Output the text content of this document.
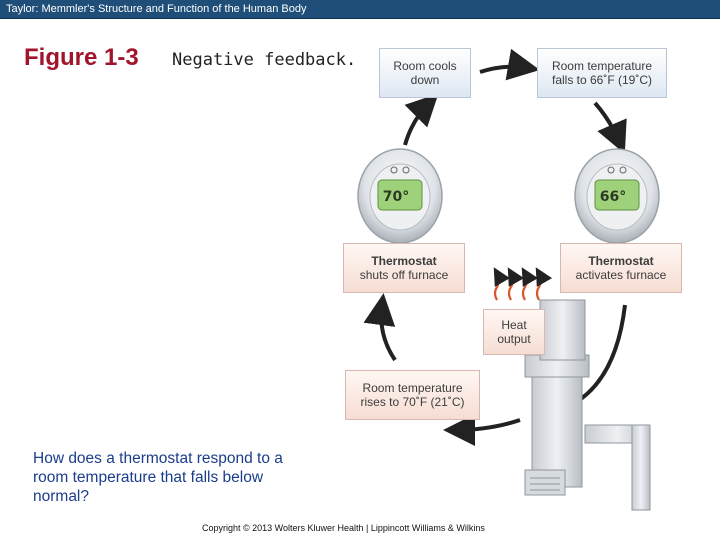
Taylor: Memmler's Structure and Function of the Human Body
Figure 1-3 Negative feedback.
70°	66°
Room cools
down
Room temperature
falls to 66˚F (19˚C)
Thermostat
shuts off furnace
Thermostat
activates furnace
Heat
output
Room temperature
rises to 70˚F (21˚C)
How does a thermostat respond to a room temperature that falls below normal?
Copyright © 2013 Wolters Kluwer Health | Lippincott Williams & Wilkins
